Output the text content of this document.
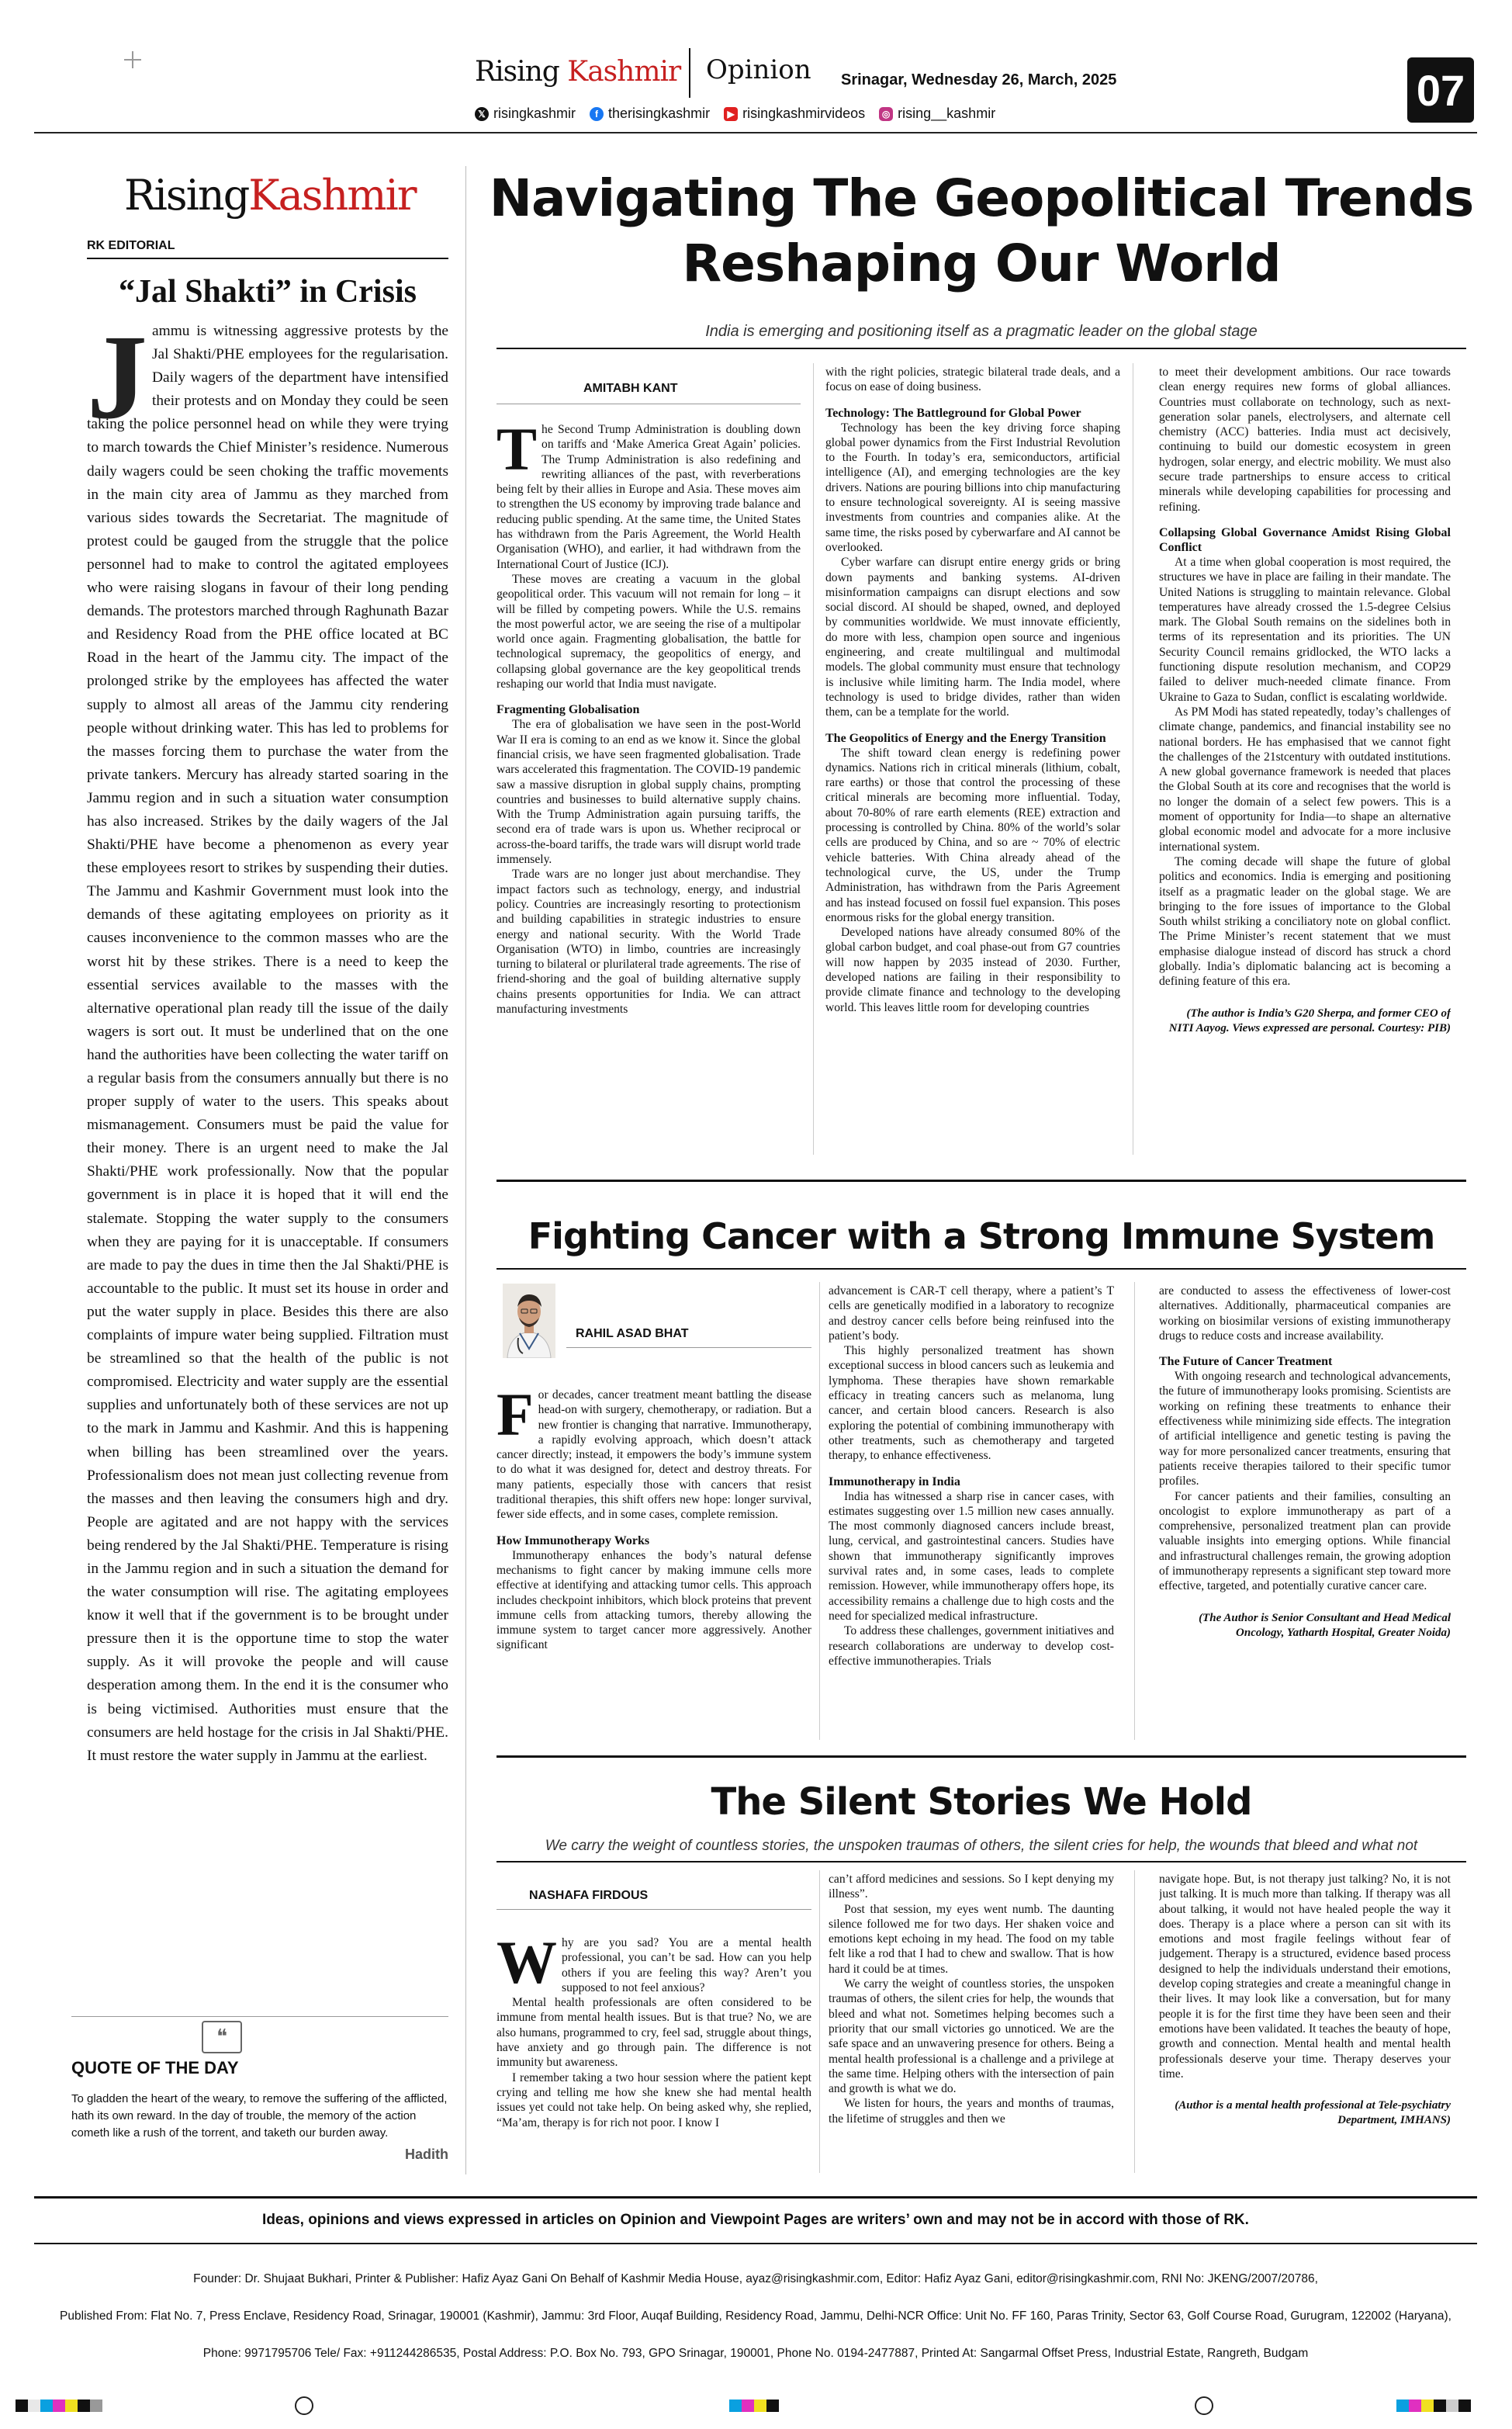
Rising Kashmir Opinion Srinagar, Wednesday 26, March, 2025	07
𝕏 risingkashmir	f therisingkashmir	▶ risingkashmirvideos	◎ rising__kashmir
RisingKashmir
RK EDITORIAL
“Jal Shakti” in Crisis
J ammu is witnessing aggressive protests by the Jal Shakti/PHE employees for the regularisation. Daily wagers of the department have intensified their protests and on Monday they could be seen taking the police personnel head on while they were trying to march towards the Chief Minister’s residence. Numerous daily wagers could be seen choking the traffic movements in the main city area of Jammu as they marched from various sides towards the Secretariat. The magnitude of protest could be gauged from the struggle that the police personnel had to make to control the agitated employees who were raising slogans in favour of their long pending demands. The protestors marched through Raghunath Bazar and Residency Road from the PHE office located at BC Road in the heart of the Jammu city. The impact of the prolonged strike by the employees has affected the water supply to almost all areas of the Jammu city rendering people without drinking water. This has led to problems for the masses forcing them to purchase the water from the private tankers. Mercury has already started soaring in the Jammu region and in such a situation water consumption has also increased. Strikes by the daily wagers of the Jal Shakti/PHE have become a phenomenon as every year these employees resort to strikes by suspending their duties. The Jammu and Kashmir Government must look into the demands of these agitating employees on priority as it causes inconvenience to the common masses who are the worst hit by these strikes. There is a need to keep the essential services available to the masses with the alternative operational plan ready till the issue of the daily wagers is sort out. It must be underlined that on the one hand the authorities have been collecting the water tariff on a regular basis from the consumers annually but there is no proper supply of water to the users. This speaks about mismanagement. Consumers must be paid the value for their money. There is an urgent need to make the Jal Shakti/PHE work professionally. Now that the popular government is in place it is hoped that it will end the stalemate. Stopping the water supply to the consumers when they are paying for it is unacceptable. If consumers are made to pay the dues in time then the Jal Shakti/PHE is accountable to the public. It must set its house in order and put the water supply in place. Besides this there are also complaints of impure water being supplied. Filtration must be streamlined so that the health of the public is not compromised. Electricity and water supply are the essential supplies and unfortunately both of these services are not up to the mark in Jammu and Kashmir. And this is happening when billing has been streamlined over the years. Professionalism does not mean just collecting revenue from the masses and then leaving the consumers high and dry. People are agitated and are not happy with the services being rendered by the Jal Shakti/PHE. Temperature is rising in the Jammu region and in such a situation the demand for the water consumption will rise. The agitating employees know it well that if the government is to be brought under pressure then it is the opportune time to stop the water supply. As it will provoke the people and will cause desperation among them. In the end it is the consumer who is being victimised. Authorities must ensure that the consumers are held hostage for the crisis in Jal Shakti/PHE. It must restore the water supply in Jammu at the earliest.
❝
QUOTE OF THE DAY
To gladden the heart of the weary, to remove the suffering of the afflicted, hath its own reward. In the day of trouble, the memory of the action cometh like a rush of the torrent, and taketh our burden away.
Hadith
Navigating The Geopolitical Trends Reshaping Our World
India is emerging and positioning itself as a pragmatic leader on the global stage
AMITABH KANT
T he Second Trump Administration is doubling down on tariffs and ‘Make America Great Again’ policies. The Trump Administration is also redefining and rewriting alliances of the past, with reverberations being felt by their allies in Europe and Asia. These moves aim to strengthen the US economy by improving trade balance and reducing public spending. At the same time, the United States has withdrawn from the Paris Agreement, the World Health Organisation (WHO), and earlier, it had withdrawn from the International Court of Justice (ICJ).

These moves are creating a vacuum in the global geopolitical order. This vacuum will not remain for long – it will be filled by competing powers. While the U.S. remains the most powerful actor, we are seeing the rise of a multipolar world once again. Fragmenting globalisation, the battle for technological supremacy, the geopolitics of energy, and collapsing global governance are the key geopolitical trends reshaping our world that India must navigate.

Fragmenting Globalisation

The era of globalisation we have seen in the post-World War II era is coming to an end as we know it. Since the global financial crisis, we have seen fragmented globalisation. Trade wars accelerated this fragmentation. The COVID-19 pandemic saw a massive disruption in global supply chains, prompting countries and businesses to build alternative supply chains. With the Trump Administration again pursuing tariffs, the second era of trade wars is upon us. Whether reciprocal or across-the-board tariffs, the trade wars will disrupt world trade immensely.

Trade wars are no longer just about merchandise. They impact factors such as technology, energy, and industrial policy. Countries are increasingly resorting to protectionism and building capabilities in strategic industries to ensure energy and national security. With the World Trade Organisation (WTO) in limbo, countries are increasingly turning to bilateral or plurilateral trade agreements. The rise of friend-shoring and the goal of building alternative supply chains presents opportunities for India. We can attract manufacturing investments

with the right policies, strategic bilateral trade deals, and a focus on ease of doing business.

Technology: The Battleground for Global Power

Technology has been the key driving force shaping global power dynamics from the First Industrial Revolution to the Fourth. In today’s era, semiconductors, artificial intelligence (AI), and emerging technologies are the key drivers. Nations are pouring billions into chip manufacturing to ensure technological sovereignty. AI is seeing massive investments from countries and companies alike. At the same time, the risks posed by cyberwarfare and AI cannot be overlooked.

Cyber warfare can disrupt entire energy grids or bring down payments and banking systems. AI-driven misinformation campaigns can disrupt elections and sow social discord. AI should be shaped, owned, and deployed by communities worldwide. We must innovate efficiently, do more with less, champion open source and ingenious engineering, and create multilingual and multimodal models. The global community must ensure that technology is inclusive while limiting harm. The India model, where technology is used to bridge divides, rather than widen them, can be a template for the world.

The Geopolitics of Energy and the Energy Transition

The shift toward clean energy is redefining power dynamics. Nations rich in critical minerals (lithium, cobalt, rare earths) or those that control the processing of these critical minerals are becoming more influential. Today, about 70-80% of rare earth elements (REE) extraction and processing is controlled by China. 80% of the world’s solar cells are produced by China, and so are ~ 70% of electric vehicle batteries. With China already ahead of the technological curve, the US, under the Trump Administration, has withdrawn from the Paris Agreement and has instead focused on fossil fuel expansion. This poses enormous risks for the global energy transition.

Developed nations have already consumed 80% of the global carbon budget, and coal phase-out from G7 countries will now happen by 2035 instead of 2030. Further, developed nations are failing in their responsibility to provide climate finance and technology to the developing world. This leaves little room for developing countries

to meet their development ambitions. Our race towards clean energy requires new forms of global alliances. Countries must collaborate on technology, such as next-generation solar panels, electrolysers, and alternate cell chemistry (ACC) batteries. India must act decisively, continuing to build our domestic ecosystem in green hydrogen, solar energy, and electric mobility. We must also secure trade partnerships to ensure access to critical minerals while developing capabilities for processing and refining.

Collapsing Global Governance Amidst Rising Global Conflict

At a time when global cooperation is most required, the structures we have in place are failing in their mandate. The United Nations is struggling to maintain relevance. Global temperatures have already crossed the 1.5-degree Celsius mark. The Global South remains on the sidelines both in terms of its representation and its priorities. The UN Security Council remains gridlocked, the WTO lacks a functioning dispute resolution mechanism, and COP29 failed to deliver much-needed climate finance. From Ukraine to Gaza to Sudan, conflict is escalating worldwide.

As PM Modi has stated repeatedly, today’s challenges of climate change, pandemics, and financial instability see no national borders. He has emphasised that we cannot fight the challenges of the 21stcentury with outdated institutions. A new global governance framework is needed that places the Global South at its core and recognises that the world is no longer the domain of a select few powers. This is a moment of opportunity for India—to shape an alternative global economic model and advocate for a more inclusive international system.

The coming decade will shape the future of global politics and economics. India is emerging and positioning itself as a pragmatic leader on the global stage. We are bringing to the fore issues of importance to the Global South whilst striking a conciliatory note on global conflict. The Prime Minister’s recent statement that we must emphasise dialogue instead of discord has struck a chord globally. India’s diplomatic balancing act is becoming a defining feature of this era.

(The author is India’s G20 Sherpa, and former CEO of NITI Aayog. Views expressed are personal. Courtesy: PIB)

Fighting Cancer with a Strong Immune System
RAHIL ASAD BHAT
F or decades, cancer treatment meant battling the disease head-on with surgery, chemotherapy, or radiation. But a new frontier is changing that narrative. Immunotherapy, a rapidly evolving approach, which doesn’t attack cancer directly; instead, it empowers the body’s immune system to do what it was designed for, detect and destroy threats. For many patients, especially those with cancers that resist traditional therapies, this shift offers new hope: longer survival, fewer side effects, and in some cases, complete remission.

How Immunotherapy Works

Immunotherapy enhances the body’s natural defense mechanisms to fight cancer by making immune cells more effective at identifying and attacking tumor cells. This approach includes checkpoint inhibitors, which block proteins that prevent immune cells from attacking tumors, thereby allowing the immune system to target cancer more aggressively. Another significant

advancement is CAR-T cell therapy, where a patient’s T cells are genetically modified in a laboratory to recognize and destroy cancer cells before being reinfused into the patient’s body.

This highly personalized treatment has shown exceptional success in blood cancers such as leukemia and lymphoma. These therapies have shown remarkable efficacy in treating cancers such as melanoma, lung cancer, and certain blood cancers. Research is also exploring the potential of combining immunotherapy with other treatments, such as chemotherapy and targeted therapy, to enhance effectiveness.

Immunotherapy in India

India has witnessed a sharp rise in cancer cases, with estimates suggesting over 1.5 million new cases annually. The most commonly diagnosed cancers include breast, lung, cervical, and gastrointestinal cancers. Studies have shown that immunotherapy significantly improves survival rates and, in some cases, leads to complete remission. However, while immunotherapy offers hope, its accessibility remains a challenge due to high costs and the need for specialized medical infrastructure.

To address these challenges, government initiatives and research collaborations are underway to develop cost-effective immunotherapies. Trials

are conducted to assess the effectiveness of lower-cost alternatives. Additionally, pharmaceutical companies are working on biosimilar versions of existing immunotherapy drugs to reduce costs and increase availability.

The Future of Cancer Treatment

With ongoing research and technological advancements, the future of immunotherapy looks promising. Scientists are working on refining these treatments to enhance their effectiveness while minimizing side effects. The integration of artificial intelligence and genetic testing is paving the way for more personalized cancer treatments, ensuring that patients receive therapies tailored to their specific tumor profiles.

For cancer patients and their families, consulting an oncologist to explore immunotherapy as part of a comprehensive, personalized treatment plan can provide valuable insights into emerging options. While financial and infrastructural challenges remain, the growing adoption of immunotherapy represents a significant step toward more effective, targeted, and potentially curative cancer care.

(The Author is Senior Consultant and Head Medical Oncology, Yatharth Hospital, Greater Noida)

The Silent Stories We Hold
We carry the weight of countless stories, the unspoken traumas of others, the silent cries for help, the wounds that bleed and what not
NASHAFA FIRDOUS
W hy are you sad? You are a mental health professional, you can’t be sad. How can you help others if you are feeling this way? Aren’t you supposed to not feel anxious?

Mental health professionals are often considered to be immune from mental health issues. But is that true? No, we are also humans, programmed to cry, feel sad, struggle about things, have anxiety and go through pain. The difference is not immunity but awareness.

I remember taking a two hour session where the patient kept crying and telling me how she knew she had mental health issues yet could not take help. On being asked why, she replied, “Ma’am, therapy is for rich not poor. I know I

can’t afford medicines and sessions. So I kept denying my illness”.

Post that session, my eyes went numb. The daunting silence followed me for two days. Her shaken voice and emotions kept echoing in my head. The food on my table felt like a rod that I had to chew and swallow. That is how hard it could be at times.

We carry the weight of countless stories, the unspoken traumas of others, the silent cries for help, the wounds that bleed and what not. Sometimes helping becomes such a priority that our small victories go unnoticed. We are the safe space and an unwavering presence for others. Being a mental health professional is a challenge and a privilege at the same time. Helping others with the intersection of pain and growth is what we do.

We listen for hours, the years and months of traumas, the lifetime of struggles and then we

navigate hope. But, is not therapy just talking? No, it is not just talking. It is much more than talking. If therapy was all about talking, it would not have healed people the way it does. Therapy is a place where a person can sit with its emotions and most fragile feelings without fear of judgement. Therapy is a structured, evidence based process designed to help the individuals understand their emotions, develop coping strategies and create a meaningful change in their lives. It may look like a conversation, but for many people it is for the first time they have been seen and their emotions have been validated. It teaches the beauty of hope, growth and connection. Mental health and mental health professionals deserve your time. Therapy deserves your time.

(Author is a mental health professional at Tele-psychiatry Department, IMHANS)

Ideas, opinions and views expressed in articles on Opinion and Viewpoint Pages are writers’ own and may not be in accord with those of RK.
Founder: Dr. Shujaat Bukhari, Printer & Publisher: Hafiz Ayaz Gani On Behalf of Kashmir Media House, ayaz@risingkashmir.com, Editor: Hafiz Ayaz Gani, editor@risingkashmir.com, RNI No: JKENG/2007/20786,
Published From: Flat No. 7, Press Enclave, Residency Road, Srinagar, 190001 (Kashmir), Jammu: 3rd Floor, Auqaf Building, Residency Road, Jammu, Delhi-NCR Office: Unit No. FF 160, Paras Trinity, Sector 63, Golf Course Road, Gurugram, 122002 (Haryana),
Phone: 9971795706 Tele/ Fax: +911244286535, Postal Address: P.O. Box No. 793, GPO Srinagar, 190001, Phone No. 0194-2477887, Printed At: Sangarmal Offset Press, Industrial Estate, Rangreth, Budgam
